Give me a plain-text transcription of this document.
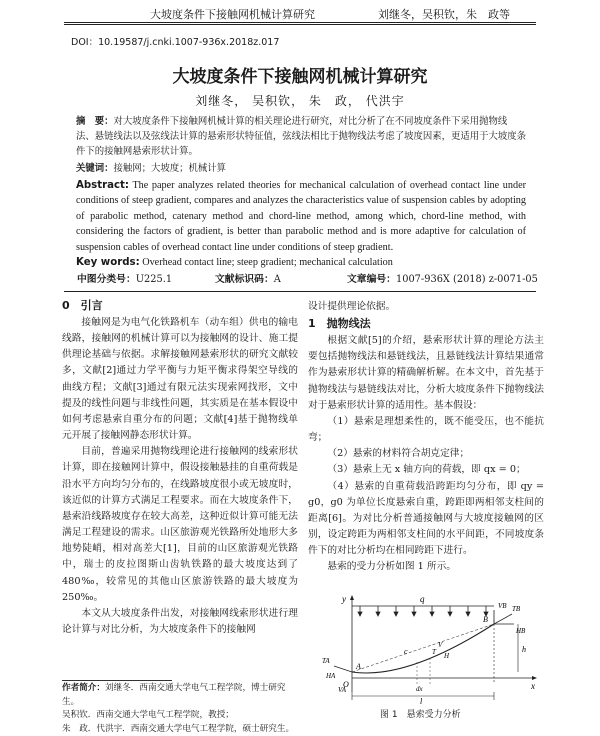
大坡度条件下接触网机械计算研究	刘继冬，吴积钦，朱　政等
DOI：10.19587/j.cnki.1007-936x.2018z.017
大坡度条件下接触网机械计算研究
刘继冬， 吴积钦， 朱　政， 代洪宇
摘　要：对大坡度条件下接触网机械计算的相关理论进行研究，对比分析了在不同坡度条件下采用抛物线法、悬链线法以及弦线法计算的悬索形状特征值，弦线法相比于抛物线法考虑了坡度因素，更适用于大坡度条件下的接触网悬索形状计算。
关键词：接触网；大坡度；机械计算
Abstract: The paper analyzes related theories for mechanical calculation of overhead contact line under conditions of steep gradient, compares and analyzes the characteristics value of suspension cables by adopting of parabolic method, catenary method and chord-line method, among which, chord-line method, with considering the factors of gradient, is better than parabolic method and is more adaptive for calculation of suspension cables of overhead contact line under conditions of steep gradient.
Key words: Overhead contact line; steep gradient; mechanical calculation
中图分类号：U225.1	文献标识码：A	文章编号：1007-936X (2018) z-0071-05
0　引言

接触网是为电气化铁路机车（动车组）供电的输电线路，接触网的机械计算可以为接触网的设计、施工提供理论基础与依据。求解接触网悬索形状的研究文献较多，文献[2]通过力学平衡与力矩平衡求得架空导线的曲线方程；文献[3]通过有限元法实现索网找形，文中提及的线性问题与非线性问题，其实质是在基本假设中如何考虑悬索自重分布的问题；文献[4]基于抛物线单元开展了接触网静态形状计算。

目前，普遍采用抛物线理论进行接触网的线索形状计算，即在接触网计算中，假设接触悬挂的自重荷载是沿水平方向均匀分布的，在线路坡度很小或无坡度时，该近似的计算方式满足工程要求。而在大坡度条件下，悬索沿线路坡度存在较大高差，这种近似计算可能无法满足工程建设的需求。山区旅游观光铁路所处地形大多地势陡峭，相对高差大[1]，目前的山区旅游观光铁路中，瑞士的皮拉图斯山齿轨铁路的最大坡度达到了480‰，较常见的其他山区旅游铁路的最大坡度为250‰。

本文从大坡度条件出发，对接触网线索形状进行理论计算与对比分析，为大坡度条件下的接触网

作者简介：刘继冬．西南交通大学电气工程学院，博士研究生。
吴积钦．西南交通大学电气工程学院，教授；
朱　政．代洪宇．西南交通大学电气工程学院，硕士研究生。

设计提供理论依据。

1　抛物线法

根据文献[5]的介绍，悬索形状计算的理论方法主要包括抛物线法和悬链线法，且悬链线法计算结果通常作为悬索形状计算的精确解析解。在本文中，首先基于抛物线法与悬链线法对比，分析大坡度条件下抛物线法对于悬索形状计算的适用性。基本假设：

（1）悬索是理想柔性的，既不能受压，也不能抗弯；

（2）悬索的材料符合胡克定律；

（3）悬索上无 x 轴方向的荷载，即 qx = 0；

（4）悬索的自重荷载沿跨距均匀分布，即 qy = g0，g0 为单位长度悬索自重，跨距即两相邻支柱间的距离[6]。为对比分析普通接触网与大坡度接触网的区别，设定跨距为两相邻支柱间的水平间距，不同坡度条件下的对比分析均在相同跨距下进行。

悬索的受力分析如图 1 所示。

y
x
q
A
B
O
TA
TB
HA
HB
VA
VB
dx
c	h
l
T
V
H
图 1　悬索受力分析
